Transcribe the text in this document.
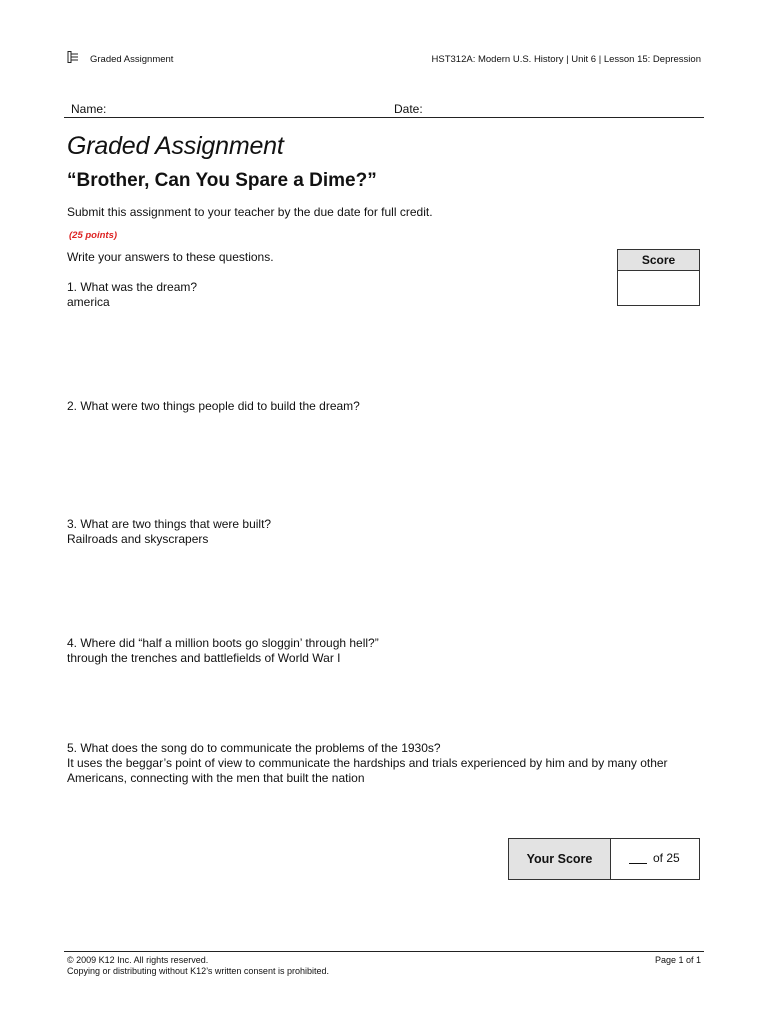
Graded Assignment	HST312A: Modern U.S. History | Unit 6 | Lesson 15: Depression
Name:	Date:
Graded Assignment
“Brother, Can You Spare a Dime?”
Submit this assignment to your teacher by the due date for full credit.
(25 points)
Write your answers to these questions.	Score
1. What was the dream?
america
2. What were two things people did to build the dream?
3. What are two things that were built?
Railroads and skyscrapers
4. Where did “half a million boots go sloggin’ through hell?”
through the trenches and battlefields of World War I
5. What does the song do to communicate the problems of the 1930s?
It uses the beggar’s point of view to communicate the hardships and trials experienced by him and by many other Americans, connecting with the men that built the nation
Your Score	of 25
© 2009 K12 Inc. All rights reserved.
Copying or distributing without K12’s written consent is prohibited.
Page 1 of 1
